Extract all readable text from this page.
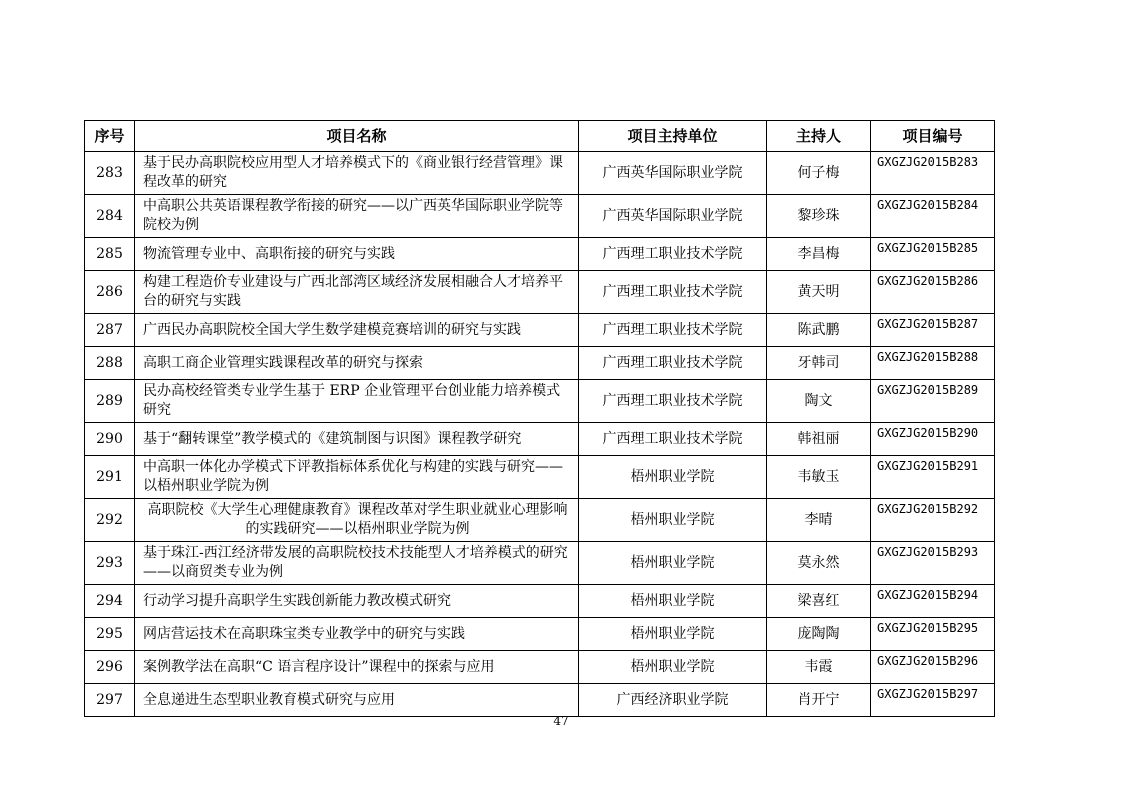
序号	项目名称	项目主持单位	主持人	项目编号
283	基于民办高职院校应用型人才培养模式下的《商业银行经营管理》课程改革的研究	广西英华国际职业学院	何子梅	GXGZJG2015B283
284	中高职公共英语课程教学衔接的研究——以广西英华国际职业学院等院校为例	广西英华国际职业学院	黎珍珠	GXGZJG2015B284
285	物流管理专业中、高职衔接的研究与实践	广西理工职业技术学院	李昌梅	GXGZJG2015B285
286	构建工程造价专业建设与广西北部湾区域经济发展相融合人才培养平台的研究与实践	广西理工职业技术学院	黄天明	GXGZJG2015B286
287	广西民办高职院校全国大学生数学建模竞赛培训的研究与实践	广西理工职业技术学院	陈武鹏	GXGZJG2015B287
288	高职工商企业管理实践课程改革的研究与探索	广西理工职业技术学院	牙韩司	GXGZJG2015B288
289	民办高校经管类专业学生基于 ERP 企业管理平台创业能力培养模式研究	广西理工职业技术学院	陶文	GXGZJG2015B289
290	基于“翻转课堂”教学模式的《建筑制图与识图》课程教学研究	广西理工职业技术学院	韩祖丽	GXGZJG2015B290
291	中高职一体化办学模式下评教指标体系优化与构建的实践与研究——以梧州职业学院为例	梧州职业学院	韦敏玉	GXGZJG2015B291
292	高职院校《大学生心理健康教育》课程改革对学生职业就业心理影响的实践研究——以梧州职业学院为例	梧州职业学院	李晴	GXGZJG2015B292
293	基于珠江-西江经济带发展的高职院校技术技能型人才培养模式的研究——以商贸类专业为例	梧州职业学院	莫永然	GXGZJG2015B293
294	行动学习提升高职学生实践创新能力教改模式研究	梧州职业学院	梁喜红	GXGZJG2015B294
295	网店营运技术在高职珠宝类专业教学中的研究与实践	梧州职业学院	庞陶陶	GXGZJG2015B295
296	案例教学法在高职“C 语言程序设计”课程中的探索与应用	梧州职业学院	韦霞	GXGZJG2015B296
297	全息递进生态型职业教育模式研究与应用	广西经济职业学院	肖开宁	GXGZJG2015B297
47
